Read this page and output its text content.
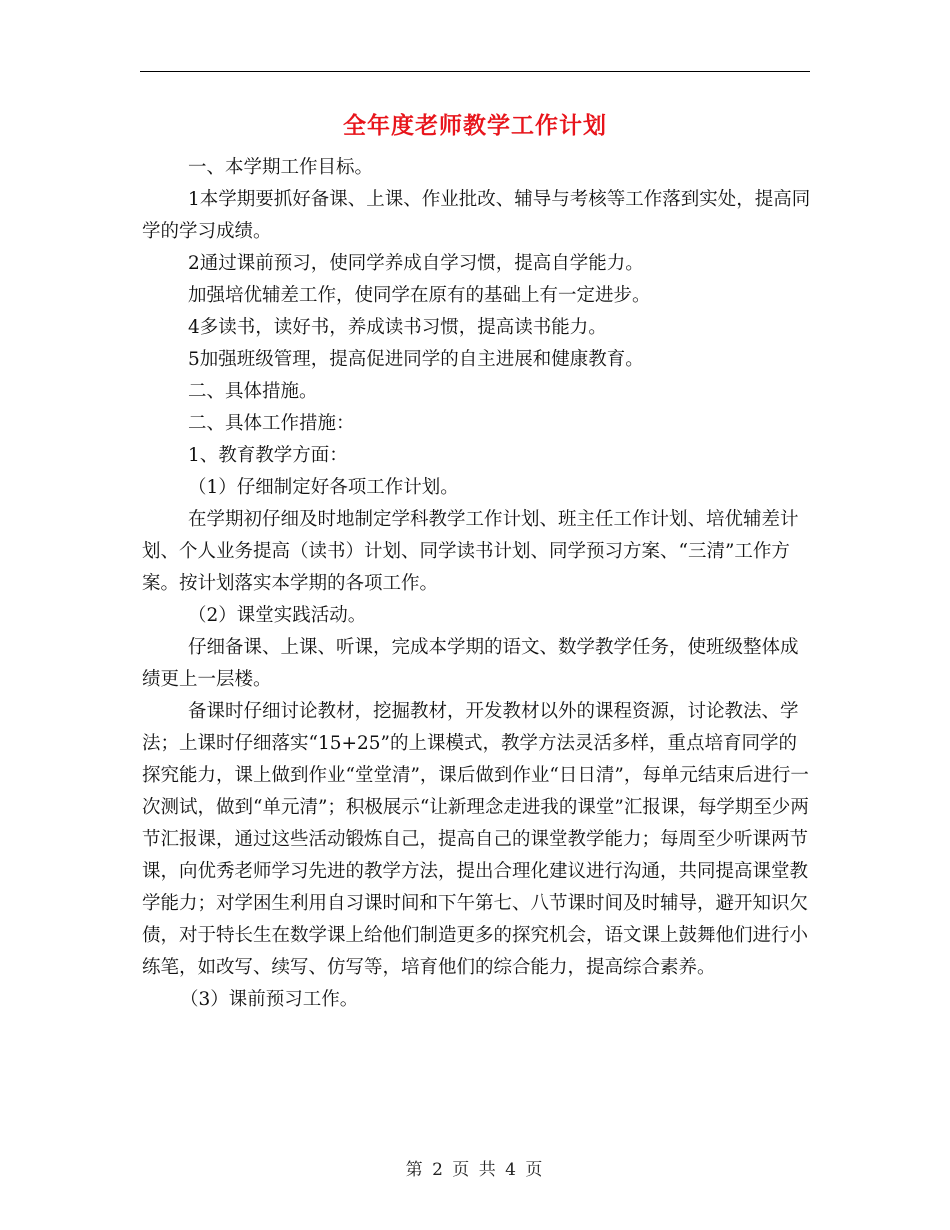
全年度老师教学工作计划

一、本学期工作目标。

1本学期要抓好备课、上课、作业批改、辅导与考核等工作落到实处，提高同学的学习成绩。

2通过课前预习，使同学养成自学习惯，提高自学能力。

加强培优辅差工作，使同学在原有的基础上有一定进步。

4多读书，读好书，养成读书习惯，提高读书能力。

5加强班级管理，提高促进同学的自主进展和健康教育。

二、具体措施。

二、具体工作措施：

1、教育教学方面：

（1）仔细制定好各项工作计划。

在学期初仔细及时地制定学科教学工作计划、班主任工作计划、培优辅差计划、个人业务提高（读书）计划、同学读书计划、同学预习方案、“三清”工作方案。按计划落实本学期的各项工作。

（2）课堂实践活动。

仔细备课、上课、听课，完成本学期的语文、数学教学任务，使班级整体成绩更上一层楼。

备课时仔细讨论教材，挖掘教材，开发教材以外的课程资源，讨论教法、学法；上课时仔细落实“15+25”的上课模式，教学方法灵活多样，重点培育同学的探究能力，课上做到作业“堂堂清”，课后做到作业“日日清”，每单元结束后进行一次测试，做到“单元清”；积极展示“让新理念走进我的课堂”汇报课，每学期至少两节汇报课，通过这些活动锻炼自己，提高自己的课堂教学能力；每周至少听课两节课，向优秀老师学习先进的教学方法，提出合理化建议进行沟通，共同提高课堂教学能力；对学困生利用自习课时间和下午第七、八节课时间及时辅导，避开知识欠债，对于特长生在数学课上给他们制造更多的探究机会，语文课上鼓舞他们进行小练笔，如改写、续写、仿写等，培育他们的综合能力，提高综合素养。

（3）课前预习工作。

第 2 页 共 4 页
